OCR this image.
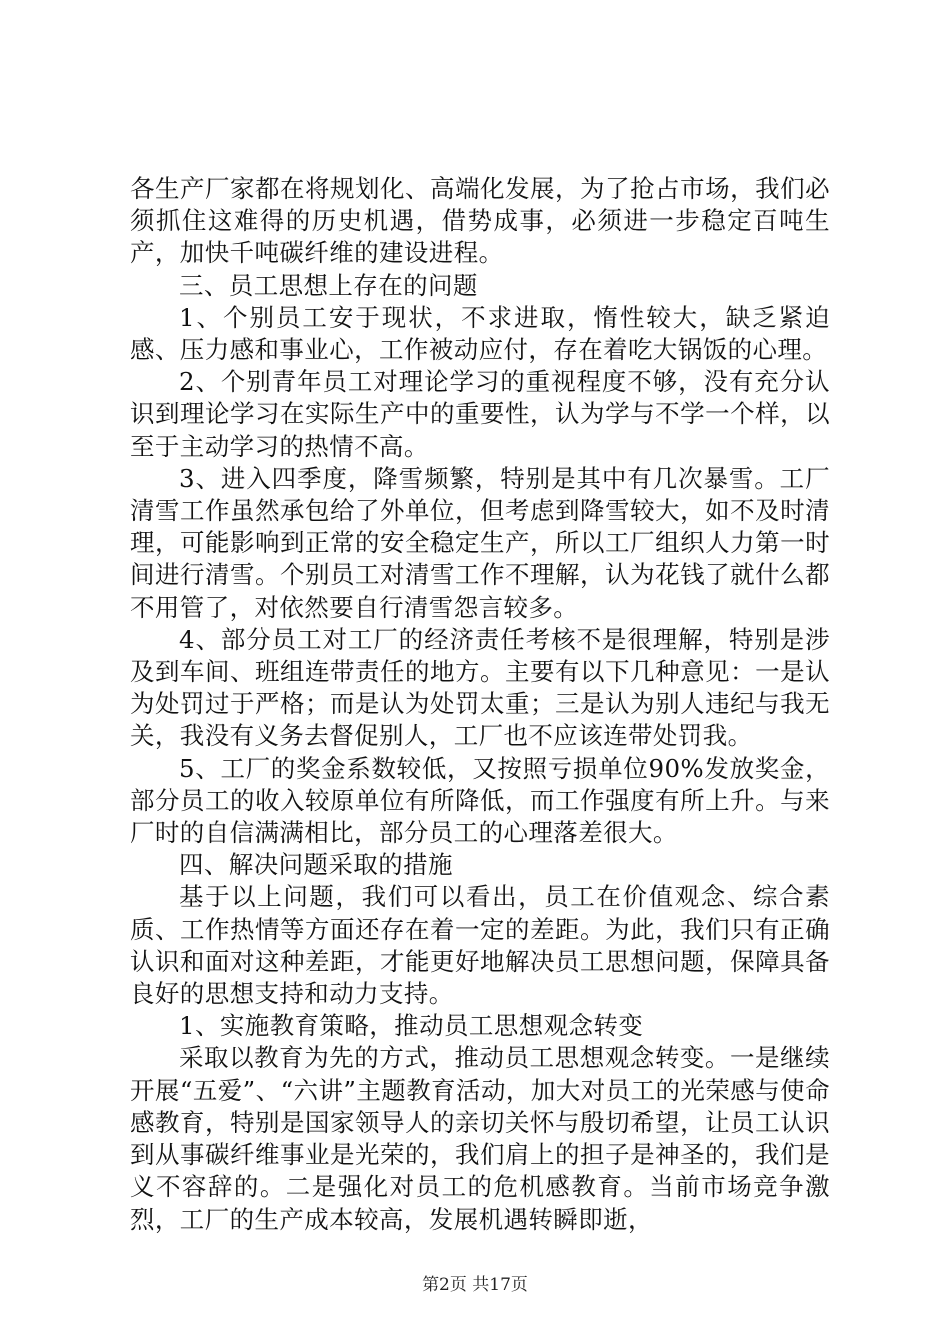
各生产厂家都在将规划化、高端化发展，为了抢占市场，我们必须抓住这难得的历史机遇，借势成事，必须进一步稳定百吨生产，加快千吨碳纤维的建设进程。

三、员工思想上存在的问题

1、个别员工安于现状，不求进取，惰性较大，缺乏紧迫感、压力感和事业心，工作被动应付，存在着吃大锅饭的心理。

2、个别青年员工对理论学习的重视程度不够，没有充分认识到理论学习在实际生产中的重要性，认为学与不学一个样，以至于主动学习的热情不高。

3、进入四季度，降雪频繁，特别是其中有几次暴雪。工厂清雪工作虽然承包给了外单位，但考虑到降雪较大，如不及时清理，可能影响到正常的安全稳定生产，所以工厂组织人力第一时间进行清雪。个别员工对清雪工作不理解，认为花钱了就什么都不用管了，对依然要自行清雪怨言较多。

4、部分员工对工厂的经济责任考核不是很理解，特别是涉及到车间、班组连带责任的地方。主要有以下几种意见：一是认为处罚过于严格；而是认为处罚太重；三是认为别人违纪与我无关，我没有义务去督促别人，工厂也不应该连带处罚我。

5、工厂的奖金系数较低，又按照亏损单位90%发放奖金，部分员工的收入较原单位有所降低，而工作强度有所上升。与来厂时的自信满满相比，部分员工的心理落差很大。

四、解决问题采取的措施

基于以上问题，我们可以看出，员工在价值观念、综合素质、工作热情等方面还存在着一定的差距。为此，我们只有正确认识和面对这种差距，才能更好地解决员工思想问题，保障具备良好的思想支持和动力支持。

1、实施教育策略，推动员工思想观念转变

采取以教育为先的方式，推动员工思想观念转变。一是继续开展“五爱”、“六讲”主题教育活动，加大对员工的光荣感与使命感教育，特别是国家领导人的亲切关怀与殷切希望，让员工认识到从事碳纤维事业是光荣的，我们肩上的担子是神圣的，我们是义不容辞的。二是强化对员工的危机感教育。当前市场竞争激烈，工厂的生产成本较高，发展机遇转瞬即逝，

第2页 共17页
